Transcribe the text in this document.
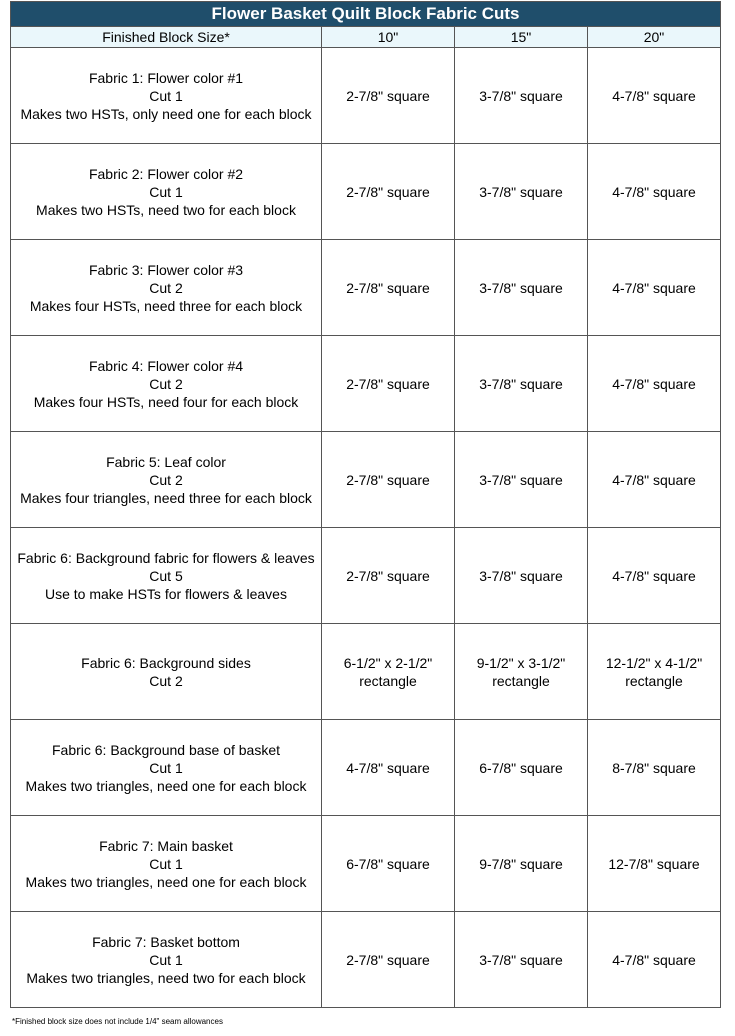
Flower Basket Quilt Block Fabric Cuts			
Finished Block Size*	10"	15"	20"

Fabric 1: Flower color #1
Cut 1
Makes two HSTs, only need one for each block	2-7/8" square	3-7/8" square	4-7/8" square

Fabric 2: Flower color #2
Cut 1
Makes two HSTs, need two for each block	2-7/8" square	3-7/8" square	4-7/8" square

Fabric 3: Flower color #3
Cut 2
Makes four HSTs, need three for each block	2-7/8" square	3-7/8" square	4-7/8" square

Fabric 4: Flower color #4
Cut 2
Makes four HSTs, need four for each block	2-7/8" square	3-7/8" square	4-7/8" square

Fabric 5: Leaf color
Cut 2
Makes four triangles, need three for each block	2-7/8" square	3-7/8" square	4-7/8" square

Fabric 6: Background fabric for flowers & leaves
Cut 5
Use to make HSTs for flowers & leaves	2-7/8" square	3-7/8" square	4-7/8" square

Fabric 6: Background sides
Cut 2	6-1/2" x 2-1/2" rectangle	9-1/2" x 3-1/2" rectangle	12-1/2" x 4-1/2" rectangle

Fabric 6: Background base of basket
Cut 1
Makes two triangles, need one for each block	4-7/8" square	6-7/8" square	8-7/8" square

Fabric 7: Main basket
Cut 1
Makes two triangles, need one for each block	6-7/8" square	9-7/8" square	12-7/8" square

Fabric 7: Basket bottom
Cut 1
Makes two triangles, need two for each block	2-7/8" square	3-7/8" square	4-7/8" square
*Finished block size does not include 1/4" seam allowances
